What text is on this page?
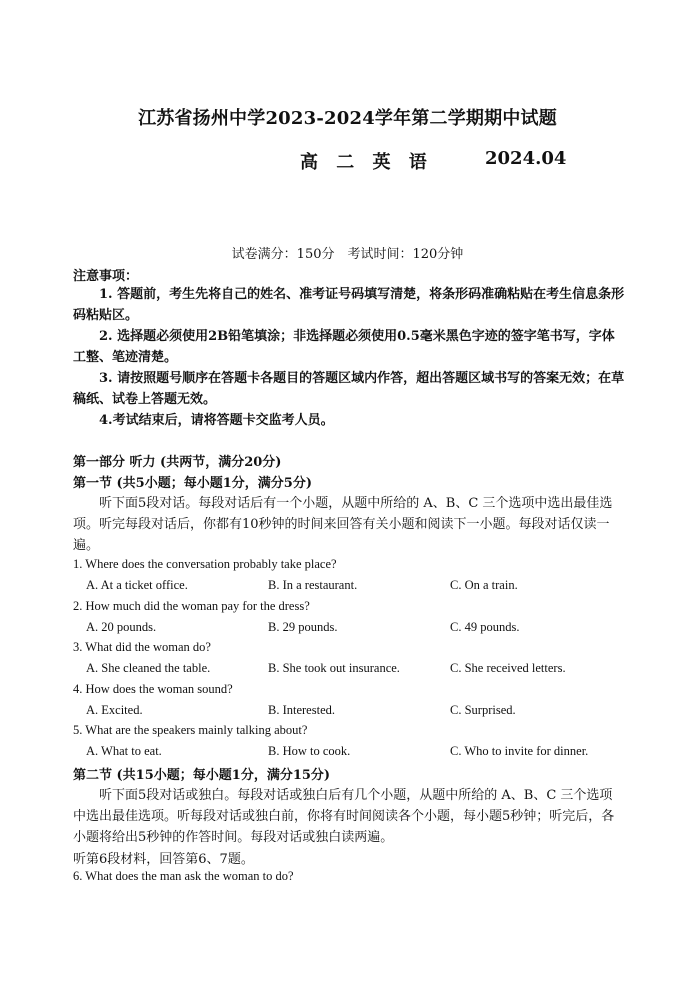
江苏省扬州中学2023-2024学年第二学期期中试题
高 二 英 语	2024.04
试卷满分：150分　考试时间：120分钟
注意事项：
1. 答题前，考生先将自己的姓名、准考证号码填写清楚，将条形码准确粘贴在考生信息条形码粘贴区。
2. 选择题必须使用2B铅笔填涂；非选择题必须使用0.5毫米黑色字迹的签字笔书写，字体工整、笔迹清楚。
3. 请按照题号顺序在答题卡各题目的答题区域内作答，超出答题区域书写的答案无效；在草稿纸、试卷上答题无效。
4.考试结束后，请将答题卡交监考人员。
第一部分 听力 (共两节，满分20分)
第一节 (共5小题；每小题1分，满分5分)
听下面5段对话。每段对话后有一个小题，从题中所给的 A、B、C 三个选项中选出最佳选项。听完每段对话后，你都有10秒钟的时间来回答有关小题和阅读下一小题。每段对话仅读一遍。
1. Where does the conversation probably take place?
A. At a ticket office.	B. In a restaurant.	C. On a train.
2. How much did the woman pay for the dress?
A. 20 pounds.	B. 29 pounds.	C. 49 pounds.
3. What did the woman do?
A. She cleaned the table.	B. She took out insurance.	C. She received letters.
4. How does the woman sound?
A. Excited.	B. Interested.	C. Surprised.
5. What are the speakers mainly talking about?
A. What to eat.	B. How to cook.	C. Who to invite for dinner.
第二节 (共15小题；每小题1分，满分15分)
听下面5段对话或独白。每段对话或独白后有几个小题，从题中所给的 A、B、C 三个选项中选出最佳选项。听每段对话或独白前，你将有时间阅读各个小题，每小题5秒钟；听完后，各小题将给出5秒钟的作答时间。每段对话或独白读两遍。
听第6段材料，回答第6、7题。
6. What does the man ask the woman to do?
